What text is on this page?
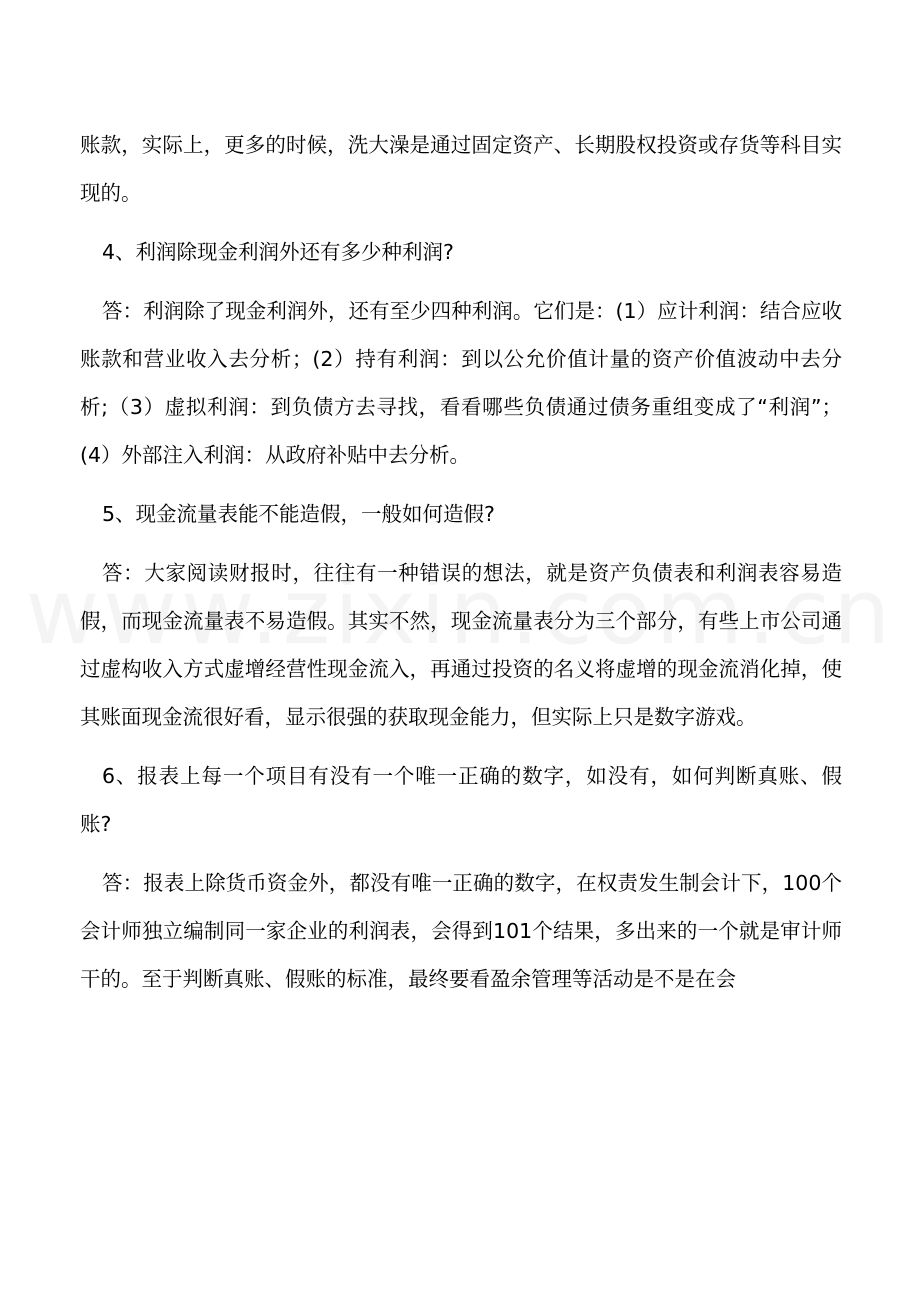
账款，实际上，更多的时候，洗大澡是通过固定资产、长期股权投资或存货等科目实现的。

4、利润除现金利润外还有多少种利润?

答：利润除了现金利润外，还有至少四种利润。它们是：(1）应计利润：结合应收账款和营业收入去分析；(2）持有利润：到以公允价值计量的资产价值波动中去分析;（3）虚拟利润：到负债方去寻找，看看哪些负债通过债务重组变成了“利润”；(4）外部注入利润：从政府补贴中去分析。

5、现金流量表能不能造假，一般如何造假?

答：大家阅读财报时，往往有一种错误的想法，就是资产负债表和利润表容易造假，而现金流量表不易造假。其实不然，现金流量表分为三个部分，有些上市公司通过虚构收入方式虚增经营性现金流入，再通过投资的名义将虚增的现金流消化掉，使其账面现金流很好看，显示很强的获取现金能力，但实际上只是数字游戏。

6、报表上每一个项目有没有一个唯一正确的数字，如没有，如何判断真账、假账?

答：报表上除货币资金外，都没有唯一正确的数字，在权责发生制会计下，100个会计师独立编制同一家企业的利润表，会得到101个结果，多出来的一个就是审计师干的。至于判断真账、假账的标准，最终要看盈余管理等活动是不是在会
